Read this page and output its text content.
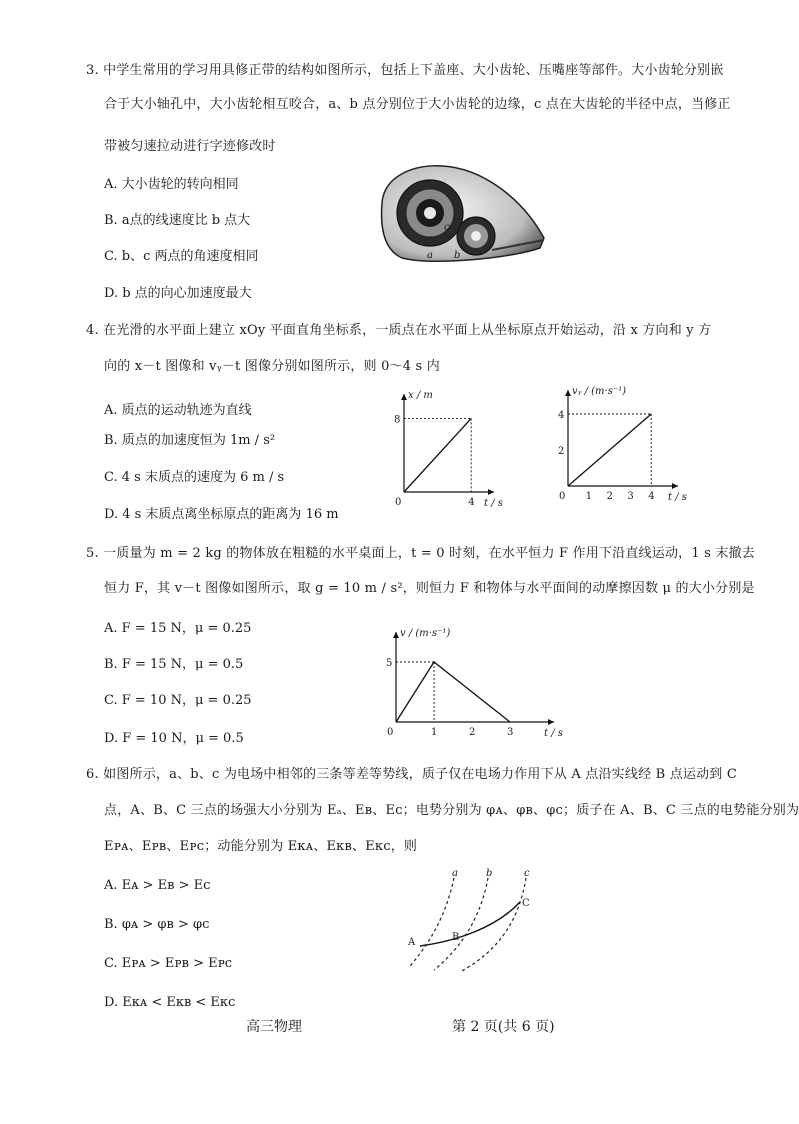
3. 中学生常用的学习用具修正带的结构如图所示，包括上下盖座、大小齿轮、压嘴座等部件。大小齿轮分别嵌
合于大小轴孔中，大小齿轮相互咬合，a、b 点分别位于大小齿轮的边缘，c 点在大齿轮的半径中点，当修正
带被匀速拉动进行字迹修改时
A. 大小齿轮的转向相同
B. a点的线速度比 b 点大
C. b、c 两点的角速度相同
D. b 点的向心加速度最大
a b
c
4. 在光滑的水平面上建立 xOy 平面直角坐标系，一质点在水平面上从坐标原点开始运动，沿 x 方向和 y 方
向的 x－t 图像和 vᵧ－t 图像分别如图所示，则 0～4 s 内
A. 质点的运动轨迹为直线
B. 质点的加速度恒为 1m / s²
C. 4 s 末质点的速度为 6 m / s
D. 4 s 末质点离坐标原点的距离为 16 m
t / s
x / m
0	4
8
t / s
vᵧ / (m·s⁻¹)
0 1 2 3 4
2
4
5. 一质量为 m = 2 kg 的物体放在粗糙的水平桌面上，t = 0 时刻，在水平恒力 F 作用下沿直线运动，1 s 末撤去
恒力 F，其 v－t 图像如图所示，取 g = 10 m / s²，则恒力 F 和物体与水平面间的动摩擦因数 μ 的大小分别是
A. F = 15 N，μ = 0.25
B. F = 15 N，μ = 0.5
C. F = 10 N，μ = 0.25
D. F = 10 N，μ = 0.5	t / s
v / (m·s⁻¹)
0	1	2	3
5
6. 如图所示，a、b、c 为电场中相邻的三条等差等势线，质子仅在电场力作用下从 A 点沿实线经 B 点运动到 C
点，A、B、C 三点的场强大小分别为 Eₐ、Eʙ、Eᴄ；电势分别为 φᴀ、φʙ、φᴄ；质子在 A、B、C 三点的电势能分别为
Eᴘᴀ、Eᴘʙ、Eᴘᴄ；动能分别为 Eᴋᴀ、Eᴋʙ、Eᴋᴄ，则
A. Eᴀ > Eʙ > Eᴄ
B. φᴀ > φʙ > φᴄ
C. Eᴘᴀ > Eᴘʙ > Eᴘᴄ
D. Eᴋᴀ < Eᴋʙ < Eᴋᴄ
a	b	c
A	B
C
高三物理	第 2 页(共 6 页)
